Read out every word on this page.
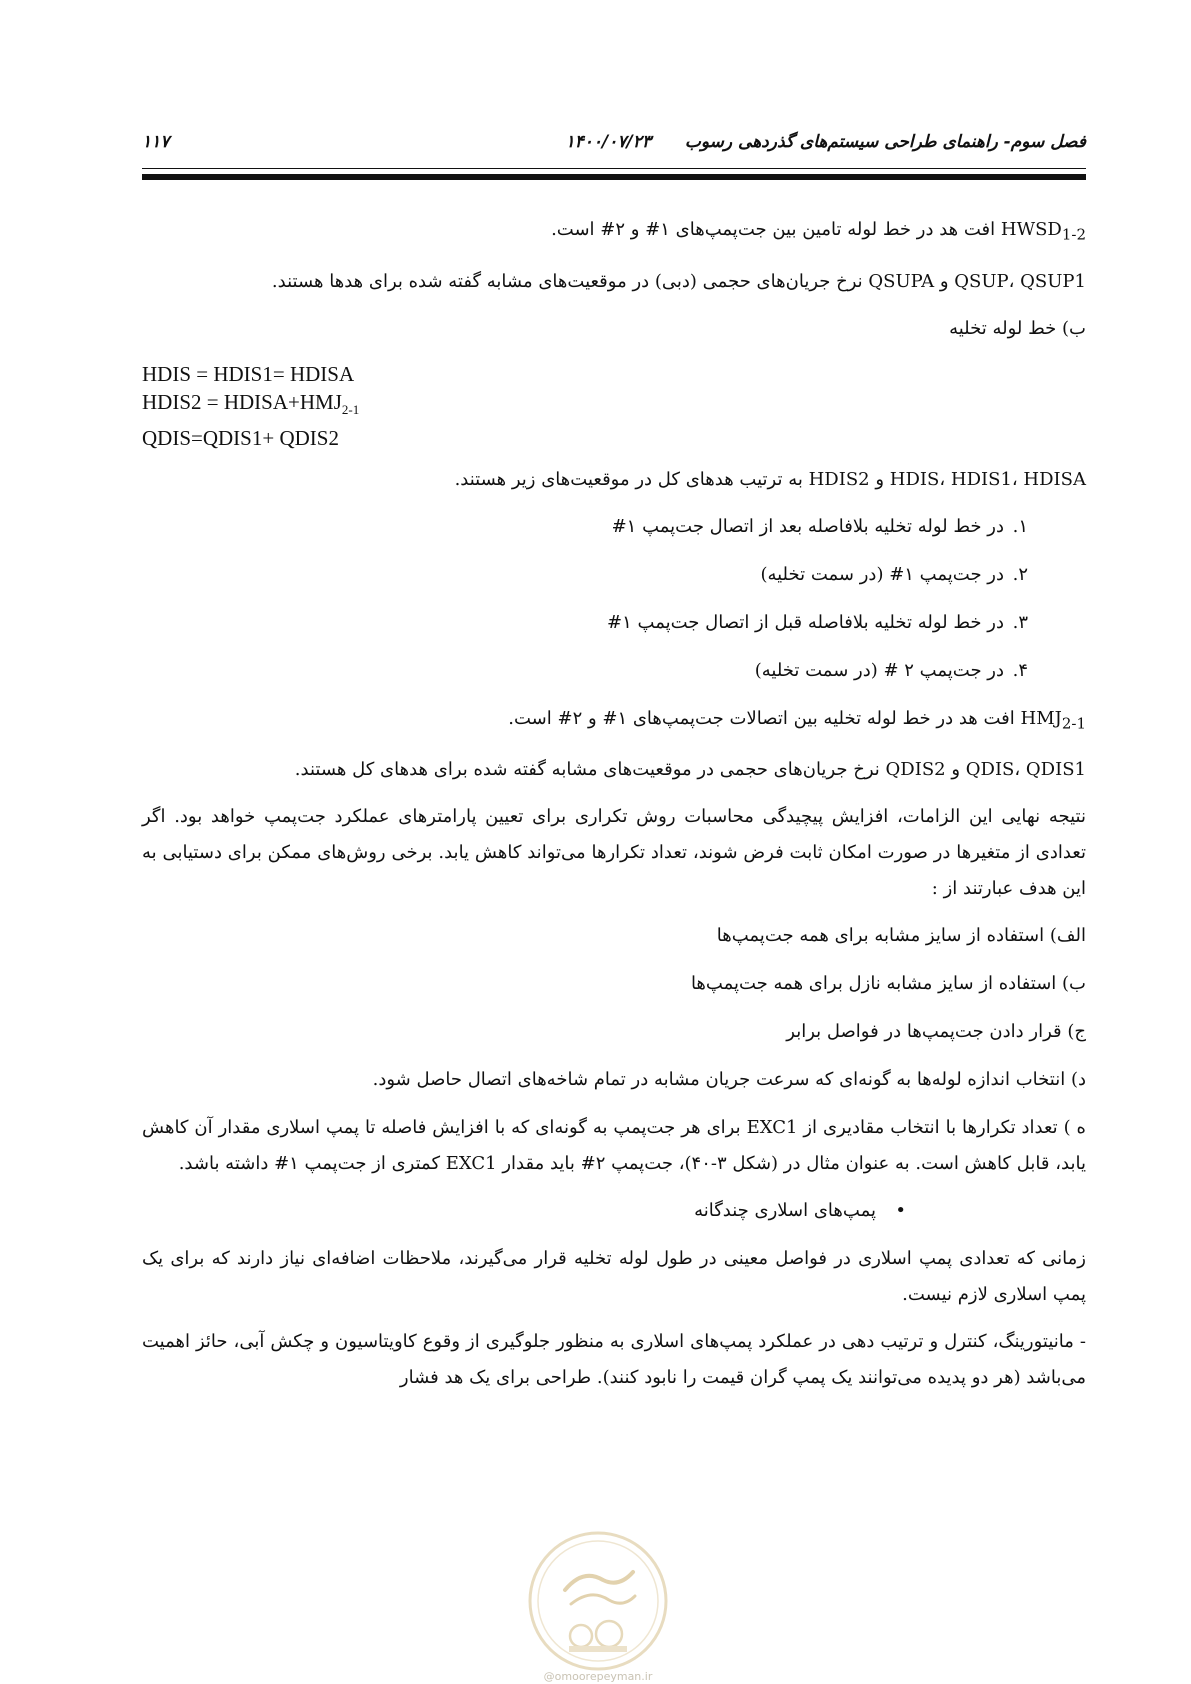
فصل سوم- راهنمای طراحی سیستم‌های گذردهی رسوب
۱۴۰۰/۰۷/۲۳
۱۱۷

$HWSD_{1-2}$ افت هد در خط لوله تامین بین جت‌پمپ‌های ۱# و ۲# است.

QSUP، QSUP1 و QSUPA نرخ جریان‌های حجمی (دبی) در موقعیت‌های مشابه گفته شده برای هدها هستند.

ب) خط لوله تخلیه

HDIS = HDIS1= HDISA

HDIS2 = $HDISA+HMJ_{2-1}$

QDIS=QDIS1+ QDIS2

HDIS، HDIS1، HDISA و HDIS2 به ترتیب هدهای کل در موقعیت‌های زیر هستند.

۱.
در خط لوله تخلیه بلافاصله بعد از اتصال جت‌پمپ ۱#

۲.
در جت‌پمپ ۱# (در سمت تخلیه)

۳.
در خط لوله تخلیه بلافاصله قبل از اتصال جت‌پمپ ۱#

۴.
در جت‌پمپ ۲ # (در سمت تخلیه)

$HMJ_{2-1}$ افت هد در خط لوله تخلیه بین اتصالات جت‌پمپ‌های ۱# و ۲# است.

QDIS، QDIS1 و QDIS2 نرخ جریان‌های حجمی در موقعیت‌های مشابه گفته شده برای هدهای کل هستند.

نتیجه نهایی این الزامات، افزایش پیچیدگی محاسبات روش تکراری برای تعیین پارامترهای عملکرد جت‌پمپ خواهد بود. اگر تعدادی از متغیرها در صورت امکان ثابت فرض شوند، تعداد تکرارها می‌تواند کاهش یابد. برخی روش‌های ممکن برای دستیابی به این هدف عبارتند از :

الف) استفاده از سایز مشابه برای همه جت‌پمپ‌ها

ب) استفاده از سایز مشابه نازل برای همه جت‌پمپ‌ها

ج) قرار دادن جت‌پمپ‌ها در فواصل برابر

د) انتخاب اندازه لوله‌ها به گونه‌ای که سرعت جریان مشابه در تمام شاخه‌های اتصال حاصل شود.

ه ) تعداد تکرارها با انتخاب مقادیری از EXC1 برای هر جت‌پمپ به گونه‌ای که با افزایش فاصله تا پمپ اسلاری مقدار آن کاهش یابد، قابل کاهش است. به عنوان مثال در (شکل ۳-۴۰)، جت‌پمپ ۲# باید مقدار EXC1 کمتری از جت‌پمپ ۱# داشته باشد.

•
پمپ‌های اسلاری چندگانه

زمانی که تعدادی پمپ اسلاری در فواصل معینی در طول لوله تخلیه قرار می‌گیرند، ملاحظات اضافه‌ای نیاز دارند که برای یک پمپ اسلاری لازم نیست.

- مانیتورینگ، کنترل و ترتیب دهی در عملکرد پمپ‌های اسلاری به منظور جلوگیری از وقوع کاویتاسیون و چکش آبی، حائز اهمیت می‌باشد (هر دو پدیده می‌توانند یک پمپ گران قیمت را نابود کنند). طراحی برای یک هد فشار

@omoorepeyman.ir
